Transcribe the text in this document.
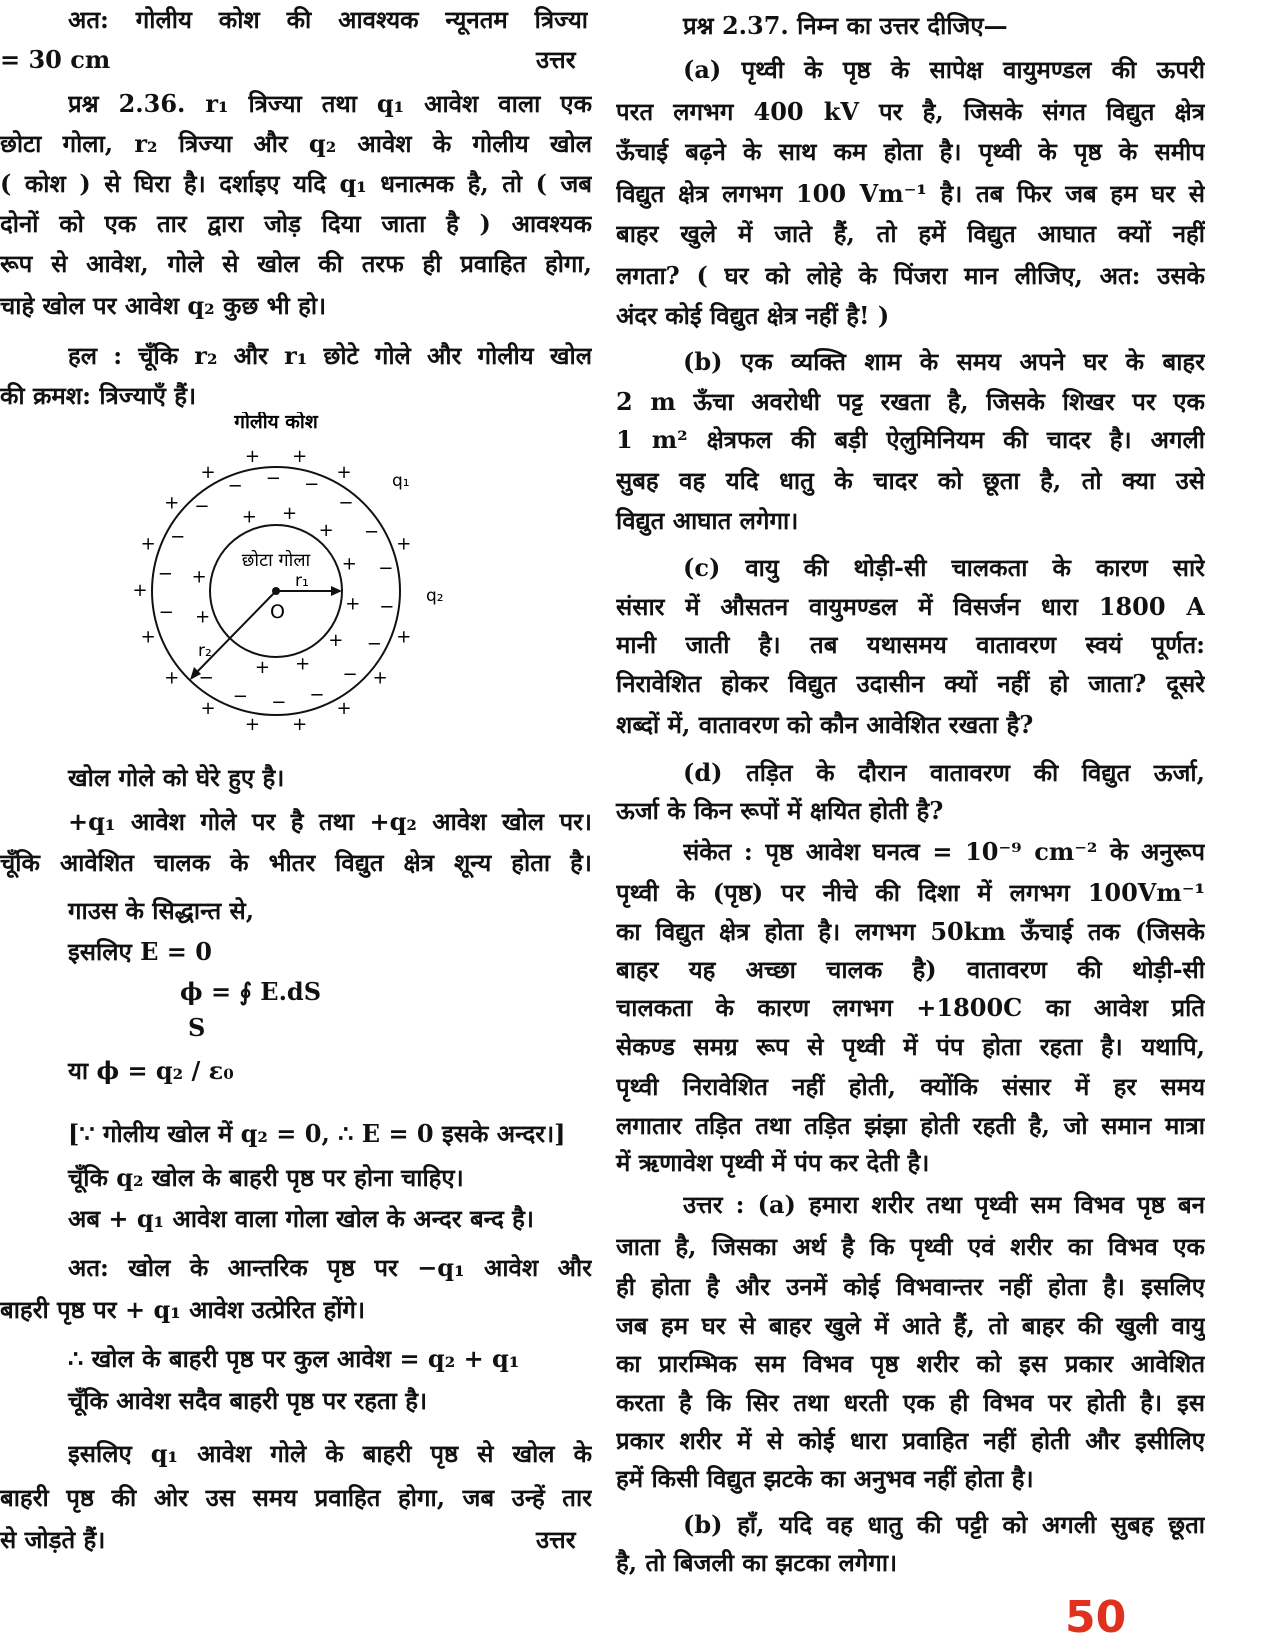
अत: गोलीय कोश की आवश्यक न्यूनतम त्रिज्या
= 30 cm
प्रश्न 2.36. r₁ त्रिज्या तथा q₁ आवेश वाला एक
छोटा गोला, r₂ त्रिज्या और q₂ आवेश के गोलीय खोल
( कोश ) से घिरा है। दर्शाइए यदि q₁ धनात्मक है, तो ( जब
दोनों को एक तार द्वारा जोड़ दिया जाता है ) आवश्यक
रूप से आवेश, गोले से खोल की तरफ ही प्रवाहित होगा,
चाहे खोल पर आवेश q₂ कुछ भी हो।
हल : चूँकि r₂ और r₁ छोटे गोले और गोलीय खोल
की क्रमश: त्रिज्याएँ हैं।
खोल गोले को घेरे हुए है।
+q₁ आवेश गोले पर है तथा +q₂ आवेश खोल पर।
चूँकि आवेशित चालक के भीतर विद्युत क्षेत्र शून्य होता है।
गाउस के सिद्धान्त से,
इसलिए E = 0
ϕ = ∮ E.dS
S
या ϕ = q₂ / ε₀
[∵ गोलीय खोल में q₂ = 0, ∴ E = 0 इसके अन्दर।]
चूँकि q₂ खोल के बाहरी पृष्ठ पर होना चाहिए।
अब + q₁ आवेश वाला गोला खोल के अन्दर बन्द है।
अत: खोल के आन्तरिक पृष्ठ पर −q₁ आवेश और
बाहरी पृष्ठ पर + q₁ आवेश उत्प्रेरित होंगे।
∴ खोल के बाहरी पृष्ठ पर कुल आवेश = q₂ + q₁
चूँकि आवेश सदैव बाहरी पृष्ठ पर रहता है।
इसलिए q₁ आवेश गोले के बाहरी पृष्ठ से खोल के
बाहरी पृष्ठ की ओर उस समय प्रवाहित होगा, जब उन्हें तार
से जोड़ते हैं।
प्रश्न 2.37. निम्न का उत्तर दीजिए—
(a) पृथ्वी के पृष्ठ के सापेक्ष वायुमण्डल की ऊपरी
परत लगभग 400 kV पर है, जिसके संगत विद्युत क्षेत्र
ऊँचाई बढ़ने के साथ कम होता है। पृथ्वी के पृष्ठ के समीप
विद्युत क्षेत्र लगभग 100 Vm⁻¹ है। तब फिर जब हम घर से
बाहर खुले में जाते हैं, तो हमें विद्युत आघात क्यों नहीं
लगता? ( घर को लोहे के पिंजरा मान लीजिए, अत: उसके
अंदर कोई विद्युत क्षेत्र नहीं है! )
(b) एक व्यक्ति शाम के समय अपने घर के बाहर
2 m ऊँचा अवरोधी पट्ट रखता है, जिसके शिखर पर एक
1 m² क्षेत्रफल की बड़ी ऐलुमिनियम की चादर है। अगली
सुबह वह यदि धातु के चादर को छूता है, तो क्या उसे
विद्युत आघात लगेगा।
(c) वायु की थोड़ी-सी चालकता के कारण सारे
संसार में औसतन वायुमण्डल में विसर्जन धारा 1800 A
मानी जाती है। तब यथासमय वातावरण स्वयं पूर्णत:
निरावेशित होकर विद्युत उदासीन क्यों नहीं हो जाता? दूसरे
शब्दों में, वातावरण को कौन आवेशित रखता है?
(d) तड़ित के दौरान वातावरण की विद्युत ऊर्जा,
ऊर्जा के किन रूपों में क्षयित होती है?
संकेत : पृष्ठ आवेश घनत्व = 10⁻⁹ cm⁻² के अनुरूप
पृथ्वी के (पृष्ठ) पर नीचे की दिशा में लगभग 100Vm⁻¹
का विद्युत क्षेत्र होता है। लगभग 50km ऊँचाई तक (जिसके
बाहर यह अच्छा चालक है) वातावरण की थोड़ी-सी
चालकता के कारण लगभग +1800C का आवेश प्रति
सेकण्ड समग्र रूप से पृथ्वी में पंप होता रहता है। यथापि,
पृथ्वी निरावेशित नहीं होती, क्योंकि संसार में हर समय
लगातार तड़ित तथा तड़ित झंझा होती रहती है, जो समान मात्रा
में ऋणावेश पृथ्वी में पंप कर देती है।
उत्तर : (a) हमारा शरीर तथा पृथ्वी सम विभव पृष्ठ बन
जाता है, जिसका अर्थ है कि पृथ्वी एवं शरीर का विभव एक
ही होता है और उनमें कोई विभवान्तर नहीं होता है। इसलिए
जब हम घर से बाहर खुले में आते हैं, तो बाहर की खुली वायु
का प्रारम्भिक सम विभव पृष्ठ शरीर को इस प्रकार आवेशित
करता है कि सिर तथा धरती एक ही विभव पर होती है। इस
प्रकार शरीर में से कोई धारा प्रवाहित नहीं होती और इसीलिए
हमें किसी विद्युत झटके का अनुभव नहीं होता है।
(b) हाँ, यदि वह धातु की पट्टी को अगली सुबह छूता
है, तो बिजली का झटका लगेगा।
उत्तर
उत्तर
गोलीय कोश
छोटा गोला
r₁
r₂
O
q₁
q₂
−
+
−
+
−
+
−
+
−
+
−
+
−
+
+
−
+
−
+ −
+ −
+
−
+
−
+
−
+
−
−
+
−
+
+
+
+
+
+
+ +
+
+
50
